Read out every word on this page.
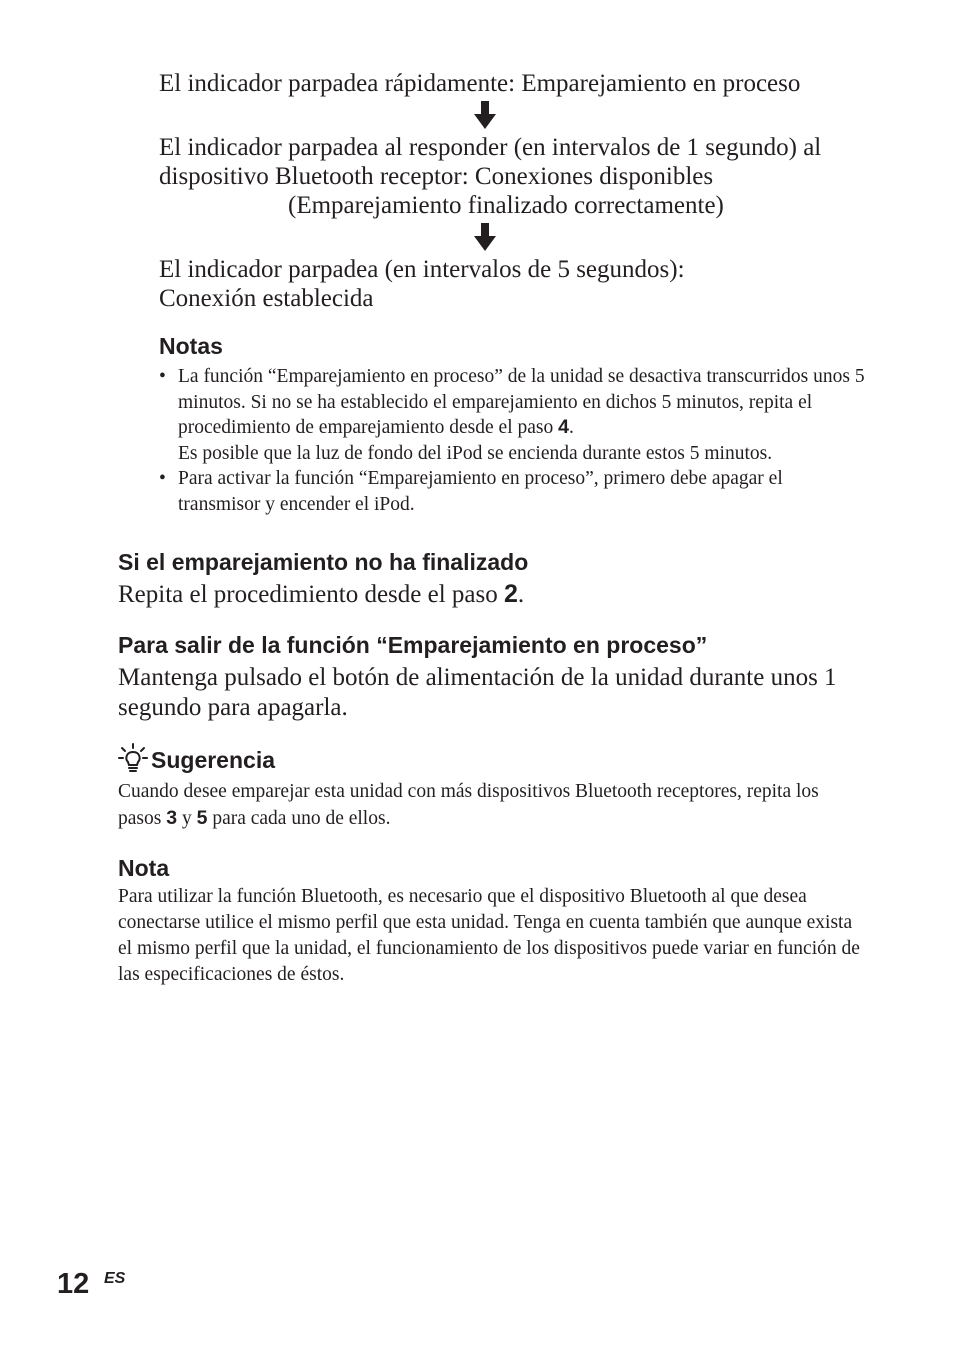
El indicador parpadea rápidamente: Emparejamiento en proceso
El indicador parpadea al responder (en intervalos de 1 segundo) al
dispositivo Bluetooth receptor: Conexiones disponibles
(Emparejamiento finalizado correctamente)
El indicador parpadea (en intervalos de 5 segundos):
Conexión establecida
Notas
• La función “Emparejamiento en proceso” de la unidad se desactiva transcurridos unos 5 minutos. Si no se ha establecido el emparejamiento en dichos 5 minutos, repita el procedimiento de emparejamiento desde el paso 4.
Es posible que la luz de fondo del iPod se encienda durante estos 5 minutos.
• Para activar la función “Emparejamiento en proceso”, primero debe apagar el transmisor y encender el iPod.
Si el emparejamiento no ha finalizado
Repita el procedimiento desde el paso 2.
Para salir de la función “Emparejamiento en proceso”
Mantenga pulsado el botón de alimentación de la unidad durante unos 1 segundo para apagarla.
Sugerencia
Cuando desee emparejar esta unidad con más dispositivos Bluetooth receptores, repita los pasos 3 y 5 para cada uno de ellos.
Nota
Para utilizar la función Bluetooth, es necesario que el dispositivo Bluetooth al que desea conectarse utilice el mismo perfil que esta unidad. Tenga en cuenta también que aunque exista el mismo perfil que la unidad, el funcionamiento de los dispositivos puede variar en función de las especificaciones de éstos.
12 ES
